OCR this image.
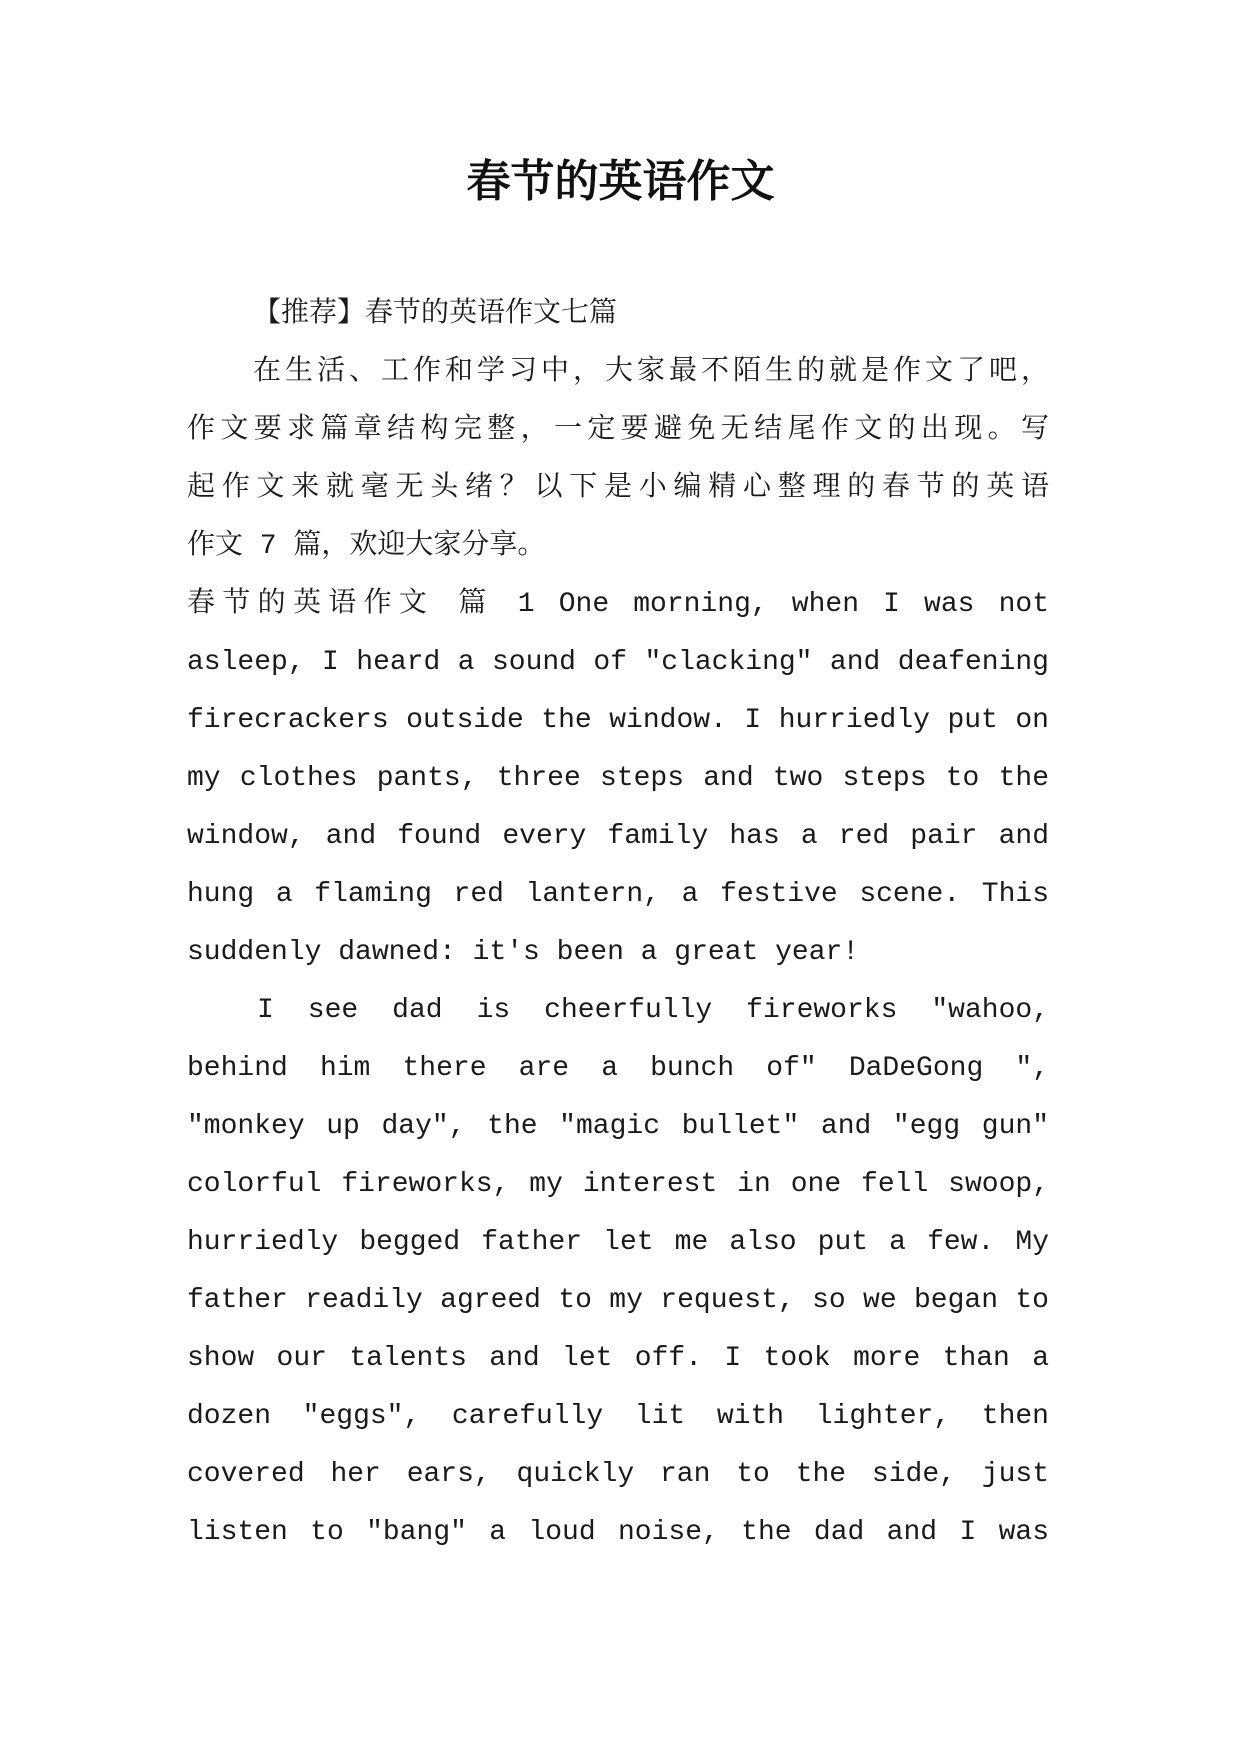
春节的英语作文
【推荐】春节的英语作文七篇
在生活、工作和学习中，大家最不陌生的就是作文了吧，
作文要求篇章结构完整，一定要避免无结尾作文的出现。写
起作文来就毫无头绪？以下是小编精心整理的春节的英语
作文 7 篇，欢迎大家分享。
春节的英语作文 篇 1 One morning, when I was not
asleep, I heard a sound of "clacking" and deafening
firecrackers outside the window. I hurriedly put on
my clothes pants, three steps and two steps to the
window, and found every family has a red pair and
hung a flaming red lantern, a festive scene. This
suddenly dawned: it's been a great year!
I see dad is cheerfully fireworks "wahoo,
behind him there are a bunch of" DaDeGong ",
"monkey up day", the "magic bullet" and "egg gun"
colorful fireworks, my interest in one fell swoop,
hurriedly begged father let me also put a few. My
father readily agreed to my request, so we began to
show our talents and let off. I took more than a
dozen "eggs", carefully lit with lighter, then
covered her ears, quickly ran to the side, just
listen to "bang" a loud noise, the dad and I was
